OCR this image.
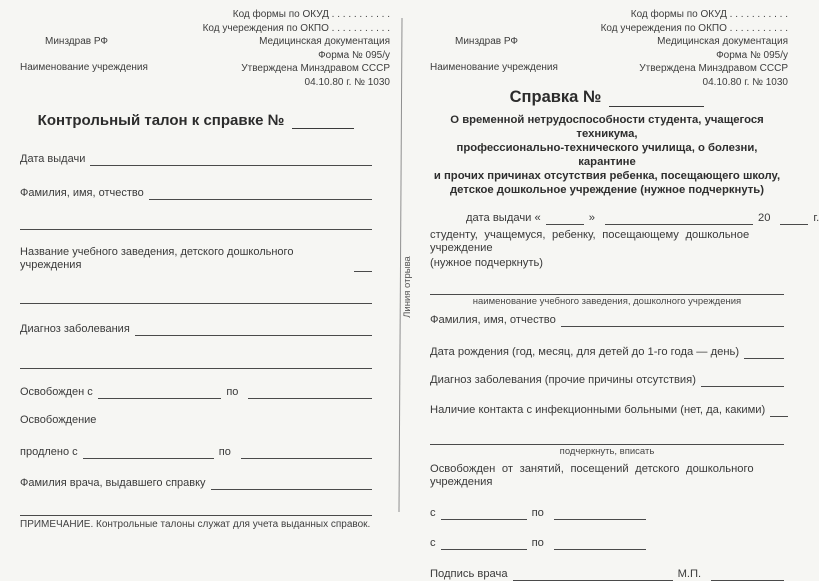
Код формы по ОКУД . . . . . . . . . . .
Код учереждения по ОКПО . . . . . . . . . . .
Медицинская документация
Форма № 095/у
Утверждена Минздравом СССР
04.10.80 г. № 1030
Минздрав РФ
Наименование учреждения
Контрольный талон к справке №
Дата выдачи
Фамилия, имя, отчество
Название учебного заведения, детского дошкольного учреждения
Диагноз заболевания
Освобожден с	по
Освобождение
продлено с	по
Фамилия врача, выдавшего справку
ПРИМЕЧАНИЕ. Контрольные талоны служат для учета выданных справок.
Линия отрыва
Код формы по ОКУД . . . . . . . . . . .
Код учереждения по ОКПО . . . . . . . . . . .
Медицинская документация
Форма № 095/у
Утверждена Минздравом СССР
04.10.80 г. № 1030
Минздрав РФ
Наименование учреждения
Справка №
О временной нетрудоспособности студента, учащегося техникума,
профессионально-технического училища, о болезни, карантине
и прочих причинах отсутствия ребенка, посещающего школу,
детское дошкольное учреждение (нужное подчеркнуть)
дата выдачи «	»	20	г.
студенту, учащемуся, ребенку, посещающему дошкольное учреждение
(нужное подчеркнуть)
наименование учебного заведения, дошколного учреждения
Фамилия, имя, отчество
Дата рождения (год, месяц, для детей до 1-го года — день)
Диагноз заболевания (прочие причины отсутствия)
Наличие контакта с инфекционными больными (нет, да, какими)
подчеркнуть, вписать
Освобожден от занятий, посещений детского дошкольного учреждения
с	по
с	по
Подпись врача	М.П.
